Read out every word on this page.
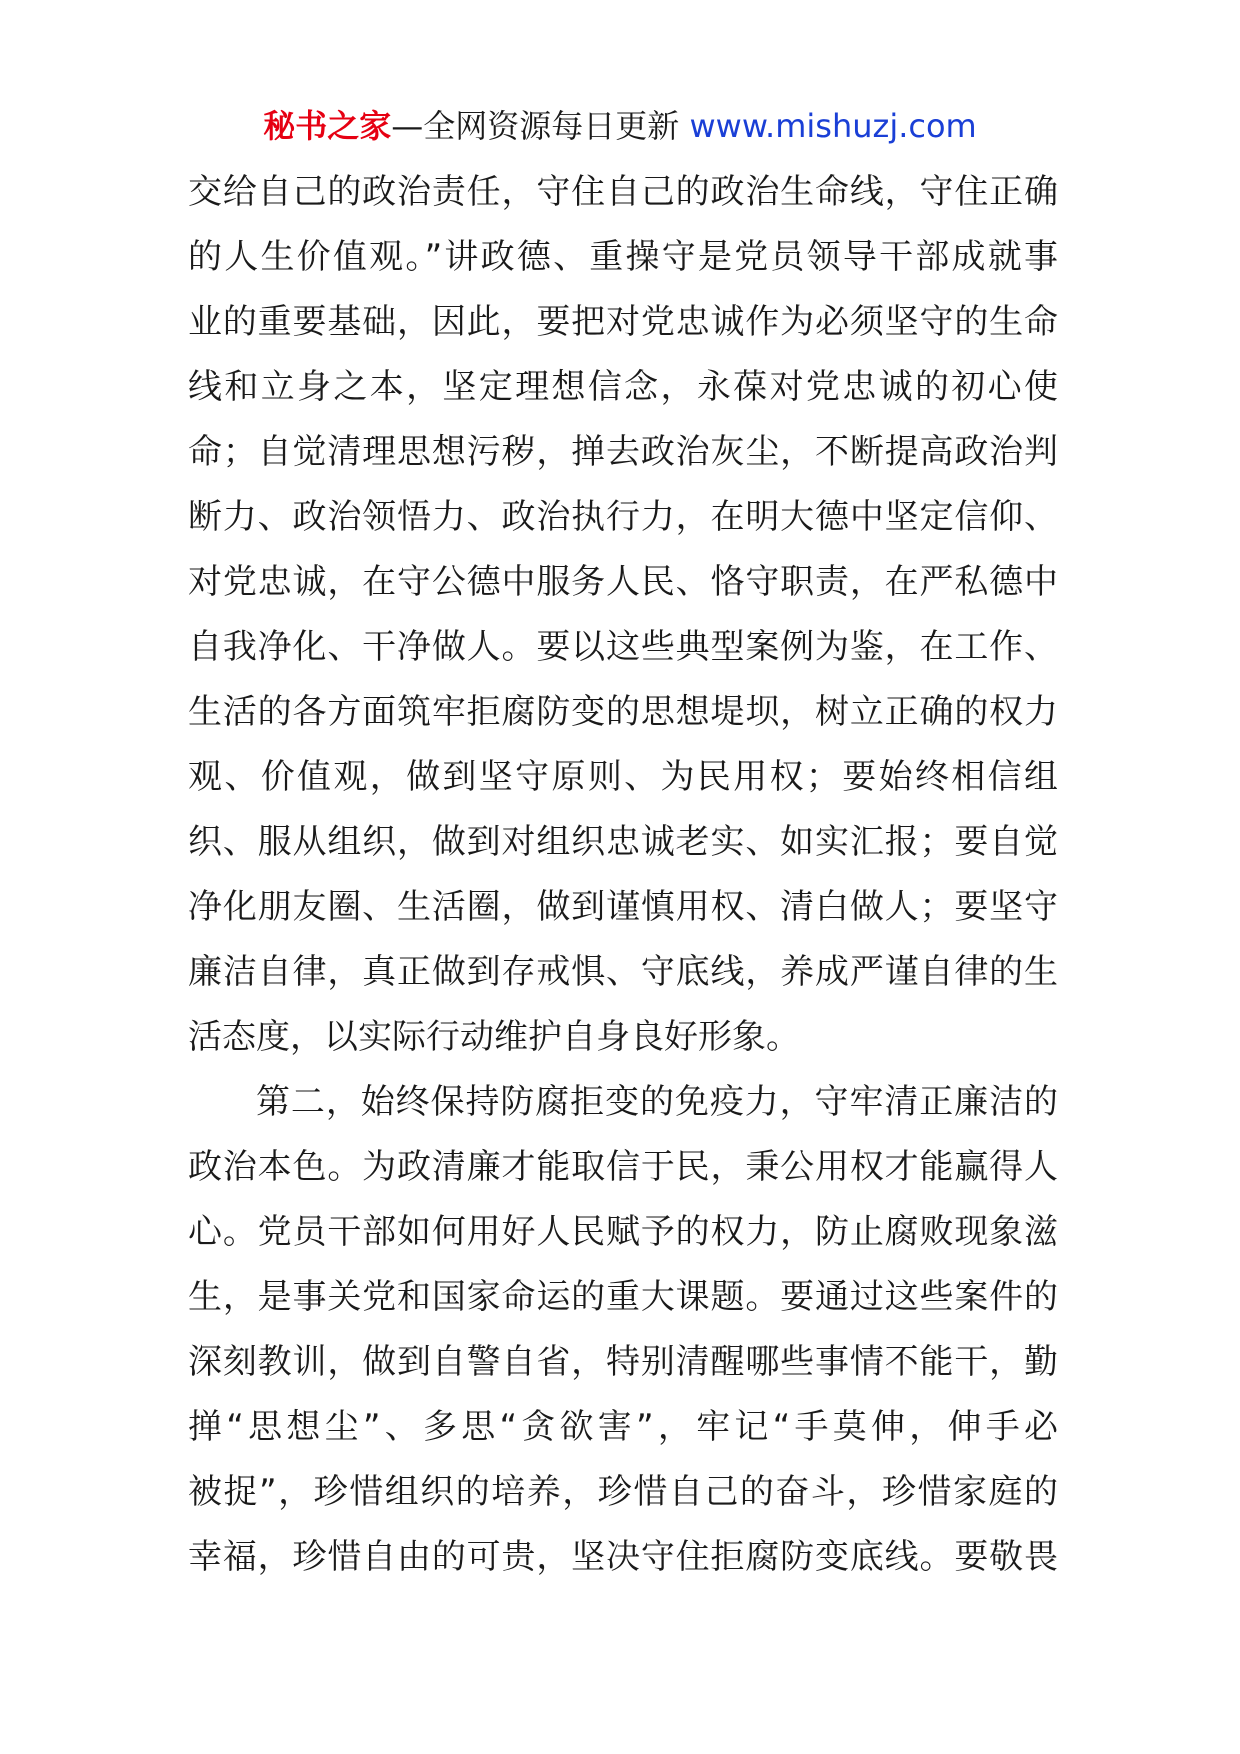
秘书之家—全网资源每日更新 www.mishuzj.com
交给自己的政治责任，守住自己的政治生命线，守住正确
的人生价值观。”讲政德、重操守是党员领导干部成就事
业的重要基础，因此，要把对党忠诚作为必须坚守的生命
线和立身之本，坚定理想信念，永葆对党忠诚的初心使
命；自觉清理思想污秽，掸去政治灰尘，不断提高政治判
断力、政治领悟力、政治执行力，在明大德中坚定信仰、
对党忠诚，在守公德中服务人民、恪守职责，在严私德中
自我净化、干净做人。要以这些典型案例为鉴，在工作、
生活的各方面筑牢拒腐防变的思想堤坝，树立正确的权力
观、价值观，做到坚守原则、为民用权；要始终相信组
织、服从组织，做到对组织忠诚老实、如实汇报；要自觉
净化朋友圈、生活圈，做到谨慎用权、清白做人；要坚守
廉洁自律，真正做到存戒惧、守底线，养成严谨自律的生
活态度，以实际行动维护自身良好形象。
第二，始终保持防腐拒变的免疫力，守牢清正廉洁的
政治本色。为政清廉才能取信于民，秉公用权才能赢得人
心。党员干部如何用好人民赋予的权力，防止腐败现象滋
生，是事关党和国家命运的重大课题。要通过这些案件的
深刻教训，做到自警自省，特别清醒哪些事情不能干，勤
掸“思想尘”、多思“贪欲害”，牢记“手莫伸，伸手必
被捉”，珍惜组织的培养，珍惜自己的奋斗，珍惜家庭的
幸福，珍惜自由的可贵，坚决守住拒腐防变底线。要敬畏
